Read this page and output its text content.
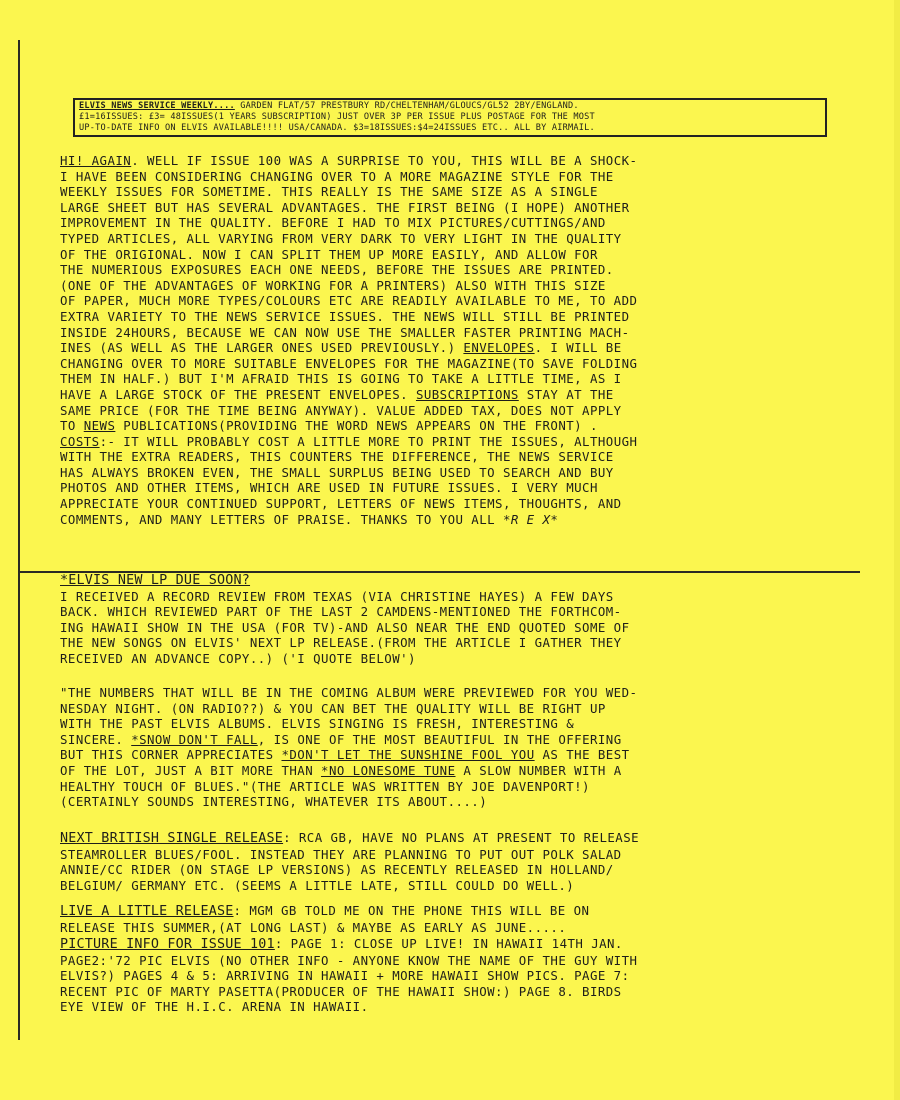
ELVIS NEWS SERVICE WEEKLY.... GARDEN FLAT/57 PRESTBURY RD/CHELTENHAM/GLOUCS/GL52 2BY/ENGLAND.
£1=16ISSUES: £3= 48ISSUES(1 YEARS SUBSCRIPTION) JUST OVER 3P PER ISSUE PLUS POSTAGE FOR THE MOST
UP-TO-DATE INFO ON ELVIS AVAILABLE!!!! USA/CANADA. $3=18ISSUES:$4=24ISSUES ETC.. ALL BY AIRMAIL.
HI! AGAIN. WELL IF ISSUE 100 WAS A SURPRISE TO YOU, THIS WILL BE A SHOCK-
I HAVE BEEN CONSIDERING CHANGING OVER TO A MORE MAGAZINE STYLE FOR THE
WEEKLY ISSUES FOR SOMETIME. THIS REALLY IS THE SAME SIZE AS A SINGLE
LARGE SHEET BUT HAS SEVERAL ADVANTAGES. THE FIRST BEING (I HOPE) ANOTHER
IMPROVEMENT IN THE QUALITY. BEFORE I HAD TO MIX PICTURES/CUTTINGS/AND
TYPED ARTICLES, ALL VARYING FROM VERY DARK TO VERY LIGHT IN THE QUALITY
OF THE ORIGIONAL. NOW I CAN SPLIT THEM UP MORE EASILY, AND ALLOW FOR
THE NUMERIOUS EXPOSURES EACH ONE NEEDS, BEFORE THE ISSUES ARE PRINTED.
(ONE OF THE ADVANTAGES OF WORKING FOR A PRINTERS) ALSO WITH THIS SIZE
OF PAPER, MUCH MORE TYPES/COLOURS ETC ARE READILY AVAILABLE TO ME, TO ADD
EXTRA VARIETY TO THE NEWS SERVICE ISSUES. THE NEWS WILL STILL BE PRINTED
INSIDE 24HOURS, BECAUSE WE CAN NOW USE THE SMALLER FASTER PRINTING MACH-
INES (AS WELL AS THE LARGER ONES USED PREVIOUSLY.) ENVELOPES. I WILL BE
CHANGING OVER TO MORE SUITABLE ENVELOPES FOR THE MAGAZINE(TO SAVE FOLDING
THEM IN HALF.) BUT I'M AFRAID THIS IS GOING TO TAKE A LITTLE TIME, AS I
HAVE A LARGE STOCK OF THE PRESENT ENVELOPES. SUBSCRIPTIONS STAY AT THE
SAME PRICE (FOR THE TIME BEING ANYWAY). VALUE ADDED TAX, DOES NOT APPLY
TO NEWS PUBLICATIONS(PROVIDING THE WORD NEWS APPEARS ON THE FRONT) .
COSTS:- IT WILL PROBABLY COST A LITTLE MORE TO PRINT THE ISSUES, ALTHOUGH
WITH THE EXTRA READERS, THIS COUNTERS THE DIFFERENCE, THE NEWS SERVICE
HAS ALWAYS BROKEN EVEN, THE SMALL SURPLUS BEING USED TO SEARCH AND BUY
PHOTOS AND OTHER ITEMS, WHICH ARE USED IN FUTURE ISSUES. I VERY MUCH
APPRECIATE YOUR CONTINUED SUPPORT, LETTERS OF NEWS ITEMS, THOUGHTS, AND
COMMENTS, AND MANY LETTERS OF PRAISE. THANKS TO YOU ALL *R E X*
*ELVIS NEW LP DUE SOON?
I RECEIVED A RECORD REVIEW FROM TEXAS (VIA CHRISTINE HAYES) A FEW DAYS
BACK. WHICH REVIEWED PART OF THE LAST 2 CAMDENS-MENTIONED THE FORTHCOM-
ING HAWAII SHOW IN THE USA (FOR TV)-AND ALSO NEAR THE END QUOTED SOME OF
THE NEW SONGS ON ELVIS' NEXT LP RELEASE.(FROM THE ARTICLE I GATHER THEY
RECEIVED AN ADVANCE COPY..) ('I QUOTE BELOW')
"THE NUMBERS THAT WILL BE IN THE COMING ALBUM WERE PREVIEWED FOR YOU WED-
NESDAY NIGHT. (ON RADIO??) & YOU CAN BET THE QUALITY WILL BE RIGHT UP
WITH THE PAST ELVIS ALBUMS. ELVIS SINGING IS FRESH, INTERESTING &
SINCERE. *SNOW DON'T FALL, IS ONE OF THE MOST BEAUTIFUL IN THE OFFERING
BUT THIS CORNER APPRECIATES *DON'T LET THE SUNSHINE FOOL YOU AS THE BEST
OF THE LOT, JUST A BIT MORE THAN *NO LONESOME TUNE A SLOW NUMBER WITH A
HEALTHY TOUCH OF BLUES."(THE ARTICLE WAS WRITTEN BY JOE DAVENPORT!)
(CERTAINLY SOUNDS INTERESTING, WHATEVER ITS ABOUT....)
NEXT BRITISH SINGLE RELEASE: RCA GB, HAVE NO PLANS AT PRESENT TO RELEASE
STEAMROLLER BLUES/FOOL. INSTEAD THEY ARE PLANNING TO PUT OUT POLK SALAD
ANNIE/CC RIDER (ON STAGE LP VERSIONS) AS RECENTLY RELEASED IN HOLLAND/
BELGIUM/ GERMANY ETC. (SEEMS A LITTLE LATE, STILL COULD DO WELL.)
LIVE A LITTLE RELEASE: MGM GB TOLD ME ON THE PHONE THIS WILL BE ON
RELEASE THIS SUMMER,(AT LONG LAST) & MAYBE AS EARLY AS JUNE.....
PICTURE INFO FOR ISSUE 101: PAGE 1: CLOSE UP LIVE! IN HAWAII 14TH JAN.
PAGE2:'72 PIC ELVIS (NO OTHER INFO - ANYONE KNOW THE NAME OF THE GUY WITH
ELVIS?) PAGES 4 & 5: ARRIVING IN HAWAII + MORE HAWAII SHOW PICS. PAGE 7:
RECENT PIC OF MARTY PASETTA(PRODUCER OF THE HAWAII SHOW:) PAGE 8. BIRDS
EYE VIEW OF THE H.I.C. ARENA IN HAWAII.
